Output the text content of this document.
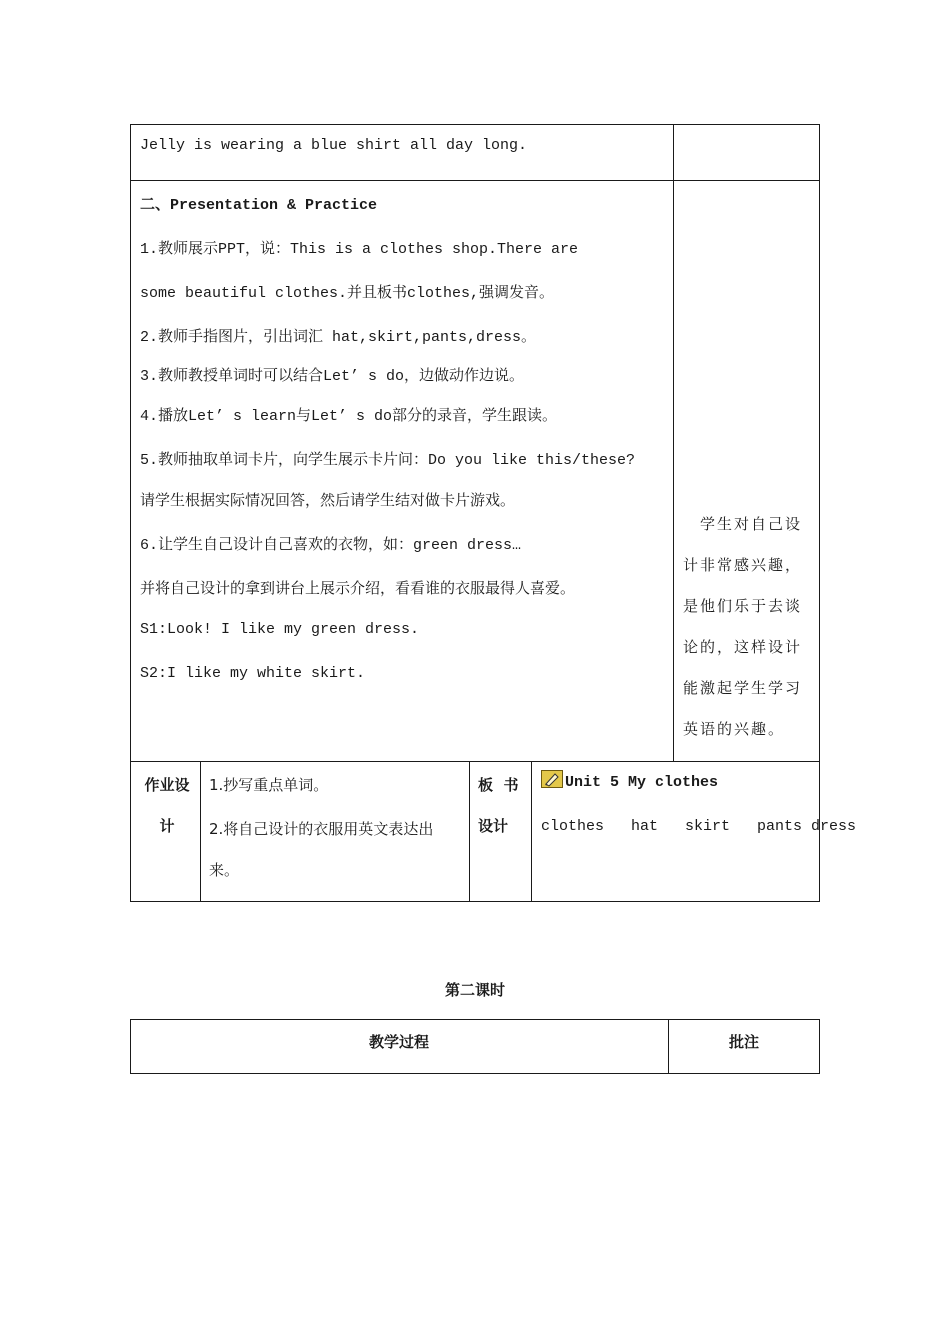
Jelly is wearing a blue shirt all day long.
二、Presentation & Practice
1.教师展示PPT，说：This is a clothes shop.There are
some beautiful clothes.并且板书clothes,强调发音。
2.教师手指图片，引出词汇 hat,skirt,pants,dress。
3.教师教授单词时可以结合Let’ s do，边做动作边说。
4.播放Let’ s learn与Let’ s do部分的录音，学生跟读。
5.教师抽取单词卡片，向学生展示卡片问：Do you like this/these?
请学生根据实际情况回答，然后请学生结对做卡片游戏。
6.让学生自己设计自己喜欢的衣物，如：green dress…
并将自己设计的拿到讲台上展示介绍，看看谁的衣服最得人喜爱。
S1:Look! I like my green dress.
S2:I like my white skirt.
学生对自己设
计非常感兴趣，
是他们乐于去谈
论的，这样设计
能激起学生学习
英语的兴趣。
作业设
计
1.抄写重点单词。
2.将自己设计的衣服用英文表达出
来。
板  书
设计
Unit 5 My clothes
clothes   hat   skirt   pants dress
第二课时
教学过程	批注
